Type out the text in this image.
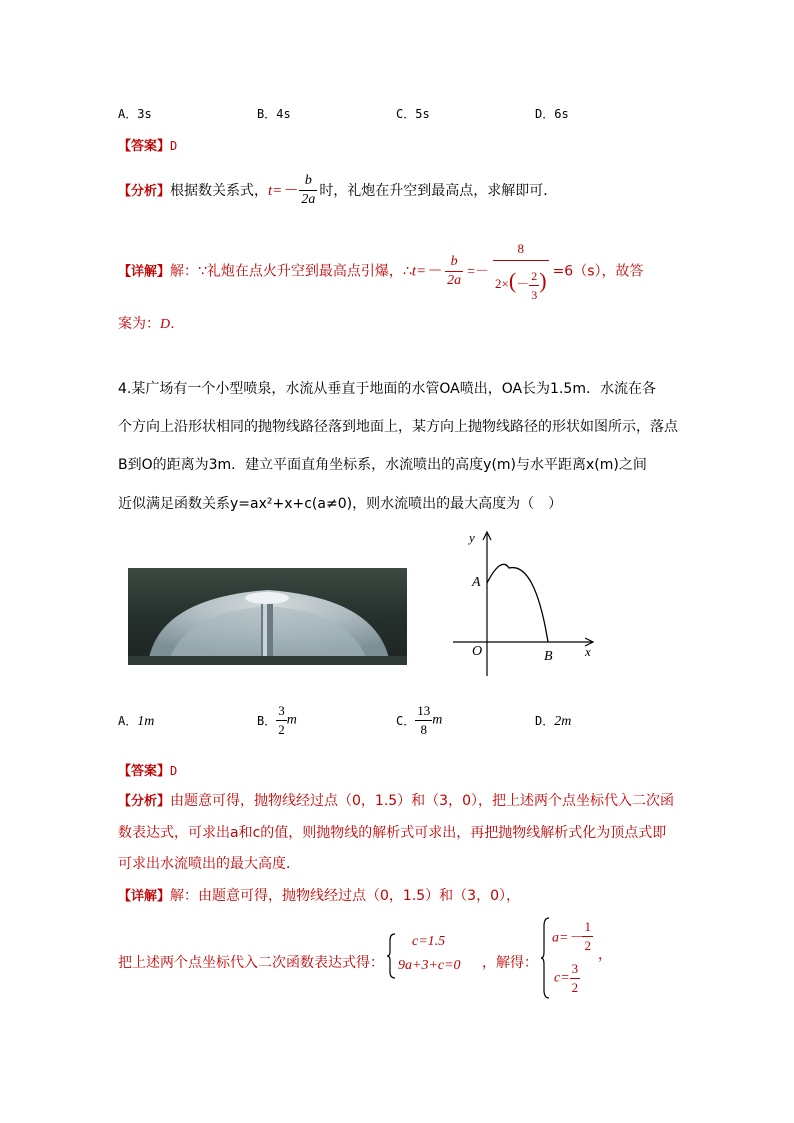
A．3s	B．4s	C．5s	D．6s
【答案】D
【分析】根据数关系式，$t=- \frac{b}{2a}$ 时，礼炮在升空到最高点，求解即可．
【详解】解：∵礼炮在点火升空到最高点引爆，∴t=－ $\frac{b}{2a} =- \frac{8}{2\times(- \frac{2}{3} )} =6(s)$，故答
案为：D．
4.某广场有一个小型喷泉，水流从垂直于地面的水管OA喷出，OA长为1.5m．水流在各
个方向上沿形状相同的抛物线路径落到地面上，某方向上抛物线路径的形状如图所示，落点
B到O的距离为3m．建立平面直角坐标系，水流喷出的高度y(m)与水平距离x(m)之间
近似满足函数关系y=ax²+x+c(a≠0)，则水流喷出的最大高度为（　）
y
x
A
O	B
A．1m	B． $\frac{3}{2}$ m	C． $\frac{13}{8}$ m	D．2m
【答案】D
【分析】由题意可得，抛物线经过点（0，1.5）和（3，0），把上述两个点坐标代入二次函
数表达式，可求出a和c的值，则抛物线的解析式可求出，再把抛物线解析式化为顶点式即
可求出水流喷出的最大高度．
【详解】解：由题意可得，抛物线经过点（0，1.5）和（3，0），
把上述两个点坐标代入二次函数表达式得：
c=1.5
9a+3+c=0 ，解得：
$a=- \frac{1}{2}$
$c= \frac{3}{2}$
，
